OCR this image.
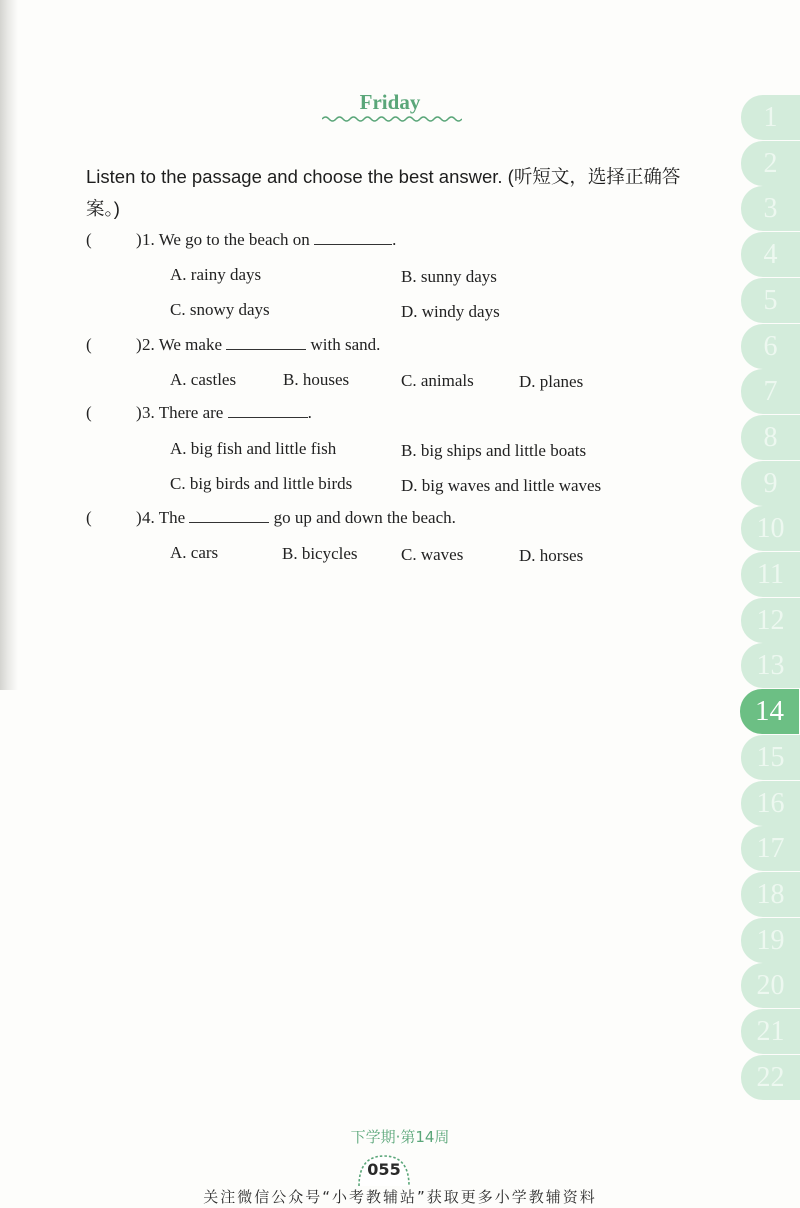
Friday
Listen to the passage and choose the best answer. (听短文，选择正确答案。)
(	) 1. We go to the beach on	.
A. rainy days	B. sunny days
C. snowy days	D. windy days
(	) 2. We make	with sand.
A. castles	B. houses	C. animals	D. planes
(	) 3. There are	.
A. big fish and little fish	B. big ships and little boats
C. big birds and little birds	D. big waves and little waves
(	) 4. The	go up and down the beach.
A. cars	B. bicycles	C. waves	D. horses
1
2
3
4
5
6
7
8
9
10
11
12
13
14
15
16
17
18
19
20
21
22
下学期·第14周
055
关注微信公众号“小考教辅站”获取更多小学教辅资料
